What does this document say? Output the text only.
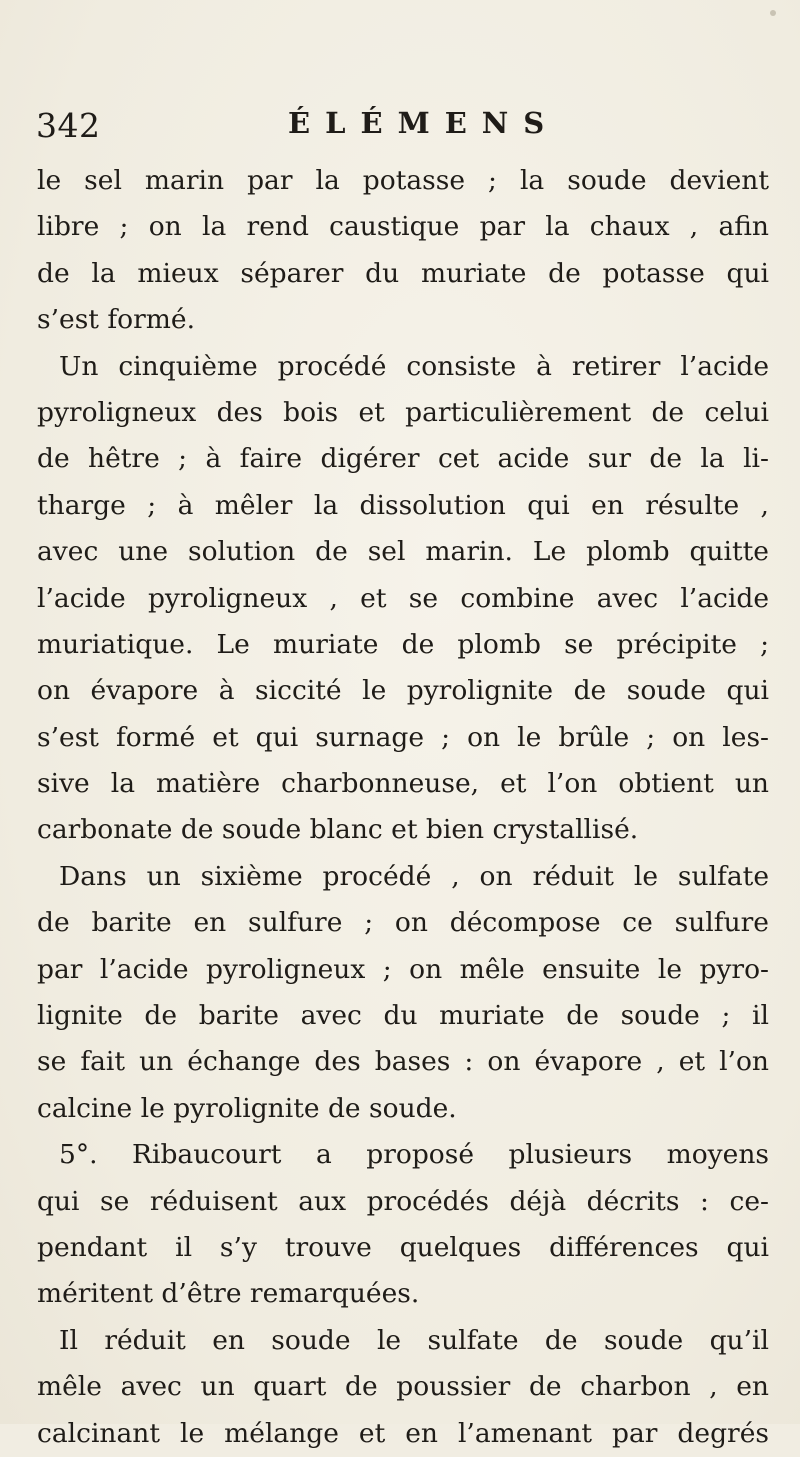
342	ÉLÉMENS
le sel marin par la potasse ; la soude devient
libre ; on la rend caustique par la chaux , afin
de la mieux séparer du muriate de potasse qui
s’est formé.
Un cinquième procédé consiste à retirer l’acide
pyroligneux des bois et particulièrement de celui
de hêtre ; à faire digérer cet acide sur de la li-
tharge ; à mêler la dissolution qui en résulte ,
avec une solution de sel marin. Le plomb quitte
l’acide pyroligneux , et se combine avec l’acide
muriatique. Le muriate de plomb se précipite ;
on évapore à siccité le pyrolignite de soude qui
s’est formé et qui surnage ; on le brûle ; on les-
sive la matière charbonneuse, et l’on obtient un
carbonate de soude blanc et bien crystallisé.
Dans un sixième procédé , on réduit le sulfate
de barite en sulfure ; on décompose ce sulfure
par l’acide pyroligneux ; on mêle ensuite le pyro-
lignite de barite avec du muriate de soude ; il
se fait un échange des bases : on évapore , et l’on
calcine le pyrolignite de soude.
5°. Ribaucourt a proposé plusieurs moyens
qui se réduisent aux procédés déjà décrits : ce-
pendant il s’y trouve quelques différences qui
méritent d’être remarquées.
Il réduit en soude le sulfate de soude qu’il
mêle avec un quart de poussier de charbon , en
calcinant le mélange et en l’amenant par degrés
